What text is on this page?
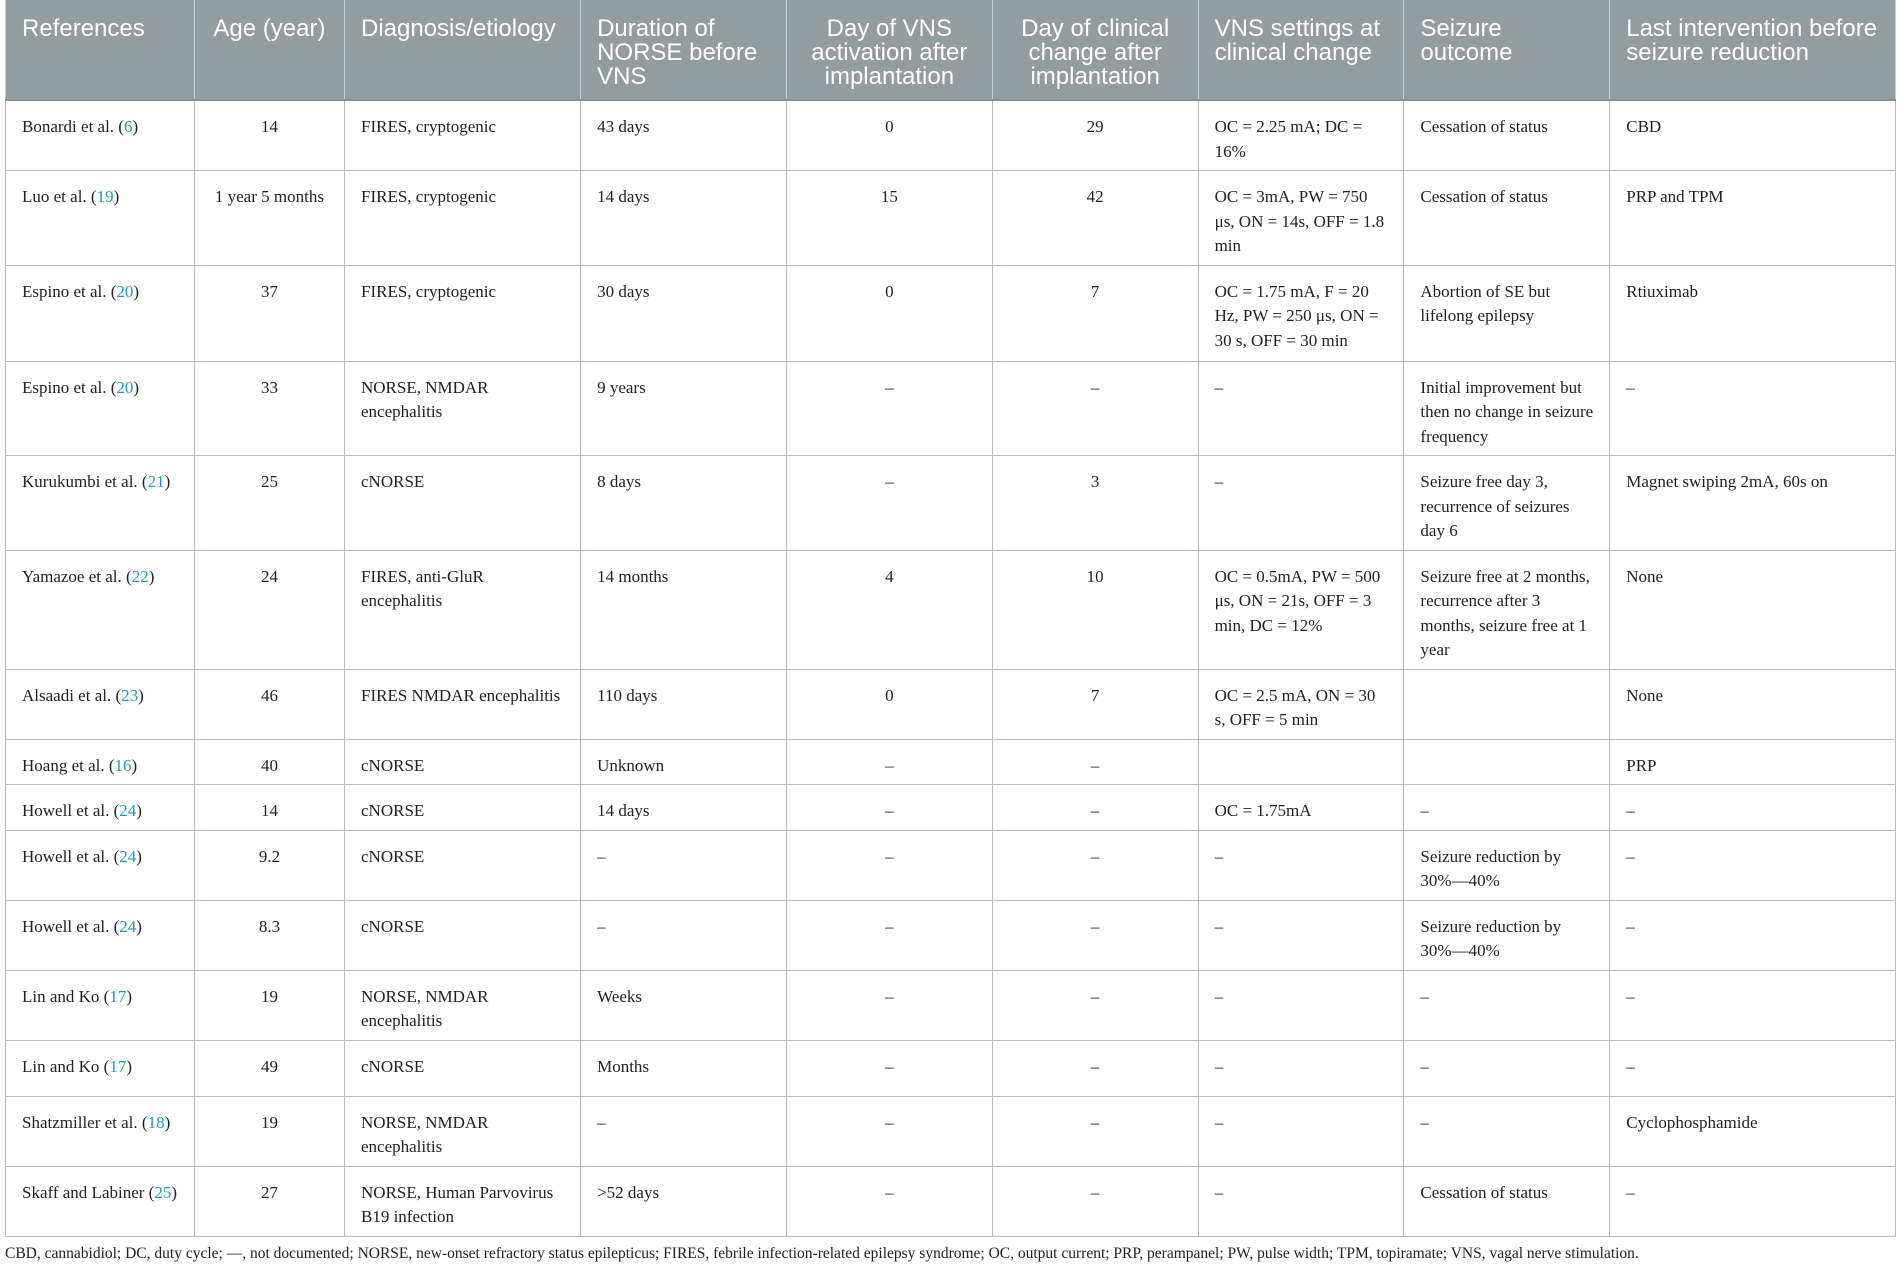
References	Age (year)	Diagnosis/etiology	Duration of NORSE before VNS	Day of VNS activation after implantation	Day of clinical change after implantation	VNS settings at clinical change	Seizure outcome	Last intervention before seizure reduction
Bonardi et al. (6)	14	FIRES, cryptogenic	43 days	0	29	OC = 2.25 mA; DC = 16%	Cessation of status	CBD
Luo et al. (19)	1 year 5 months	FIRES, cryptogenic	14 days	15	42	OC = 3mA, PW = 750 μs, ON = 14s, OFF = 1.8 min	Cessation of status	PRP and TPM
Espino et al. (20)	37	FIRES, cryptogenic	30 days	0	7	OC = 1.75 mA, F = 20 Hz, PW = 250 μs, ON = 30 s, OFF = 30 min	Abortion of SE but lifelong epilepsy	Rtiuximab
Espino et al. (20)	33	NORSE, NMDAR encephalitis	9 years	–	–	–	Initial improvement but then no change in seizure frequency	–
Kurukumbi et al. (21)	25	cNORSE	8 days	–	3	–	Seizure free day 3, recurrence of seizures day 6	Magnet swiping 2mA, 60s on
Yamazoe et al. (22)	24	FIRES, anti-GluR encephalitis	14 months	4	10	OC = 0.5mA, PW = 500 μs, ON = 21s, OFF = 3 min, DC = 12%	Seizure free at 2 months, recurrence after 3 months, seizure free at 1 year	None
Alsaadi et al. (23)	46	FIRES NMDAR encephalitis	110 days	0	7	OC = 2.5 mA, ON = 30 s, OFF = 5 min		None
Hoang et al. (16)	40	cNORSE	Unknown	–	–			PRP
Howell et al. (24)	14	cNORSE	14 days	–	–	OC = 1.75mA	–	–
Howell et al. (24)	9.2	cNORSE	–	–	–	–	Seizure reduction by 30%—40%	–
Howell et al. (24)	8.3	cNORSE	–	–	–	–	Seizure reduction by 30%—40%	–
Lin and Ko (17)	19	NORSE, NMDAR encephalitis	Weeks	–	–	–	–	–
Lin and Ko (17)	49	cNORSE	Months	–	–	–	–	–
Shatzmiller et al. (18)	19	NORSE, NMDAR encephalitis	–	–	–	–	–	Cyclophosphamide
Skaff and Labiner (25)	27	NORSE, Human Parvovirus B19 infection	>52 days	–	–	–	Cessation of status	–
CBD, cannabidiol; DC, duty cycle; —, not documented; NORSE, new-onset refractory status epilepticus; FIRES, febrile infection-related epilepsy syndrome; OC, output current; PRP, perampanel; PW, pulse width; TPM, topiramate; VNS, vagal nerve stimulation.
